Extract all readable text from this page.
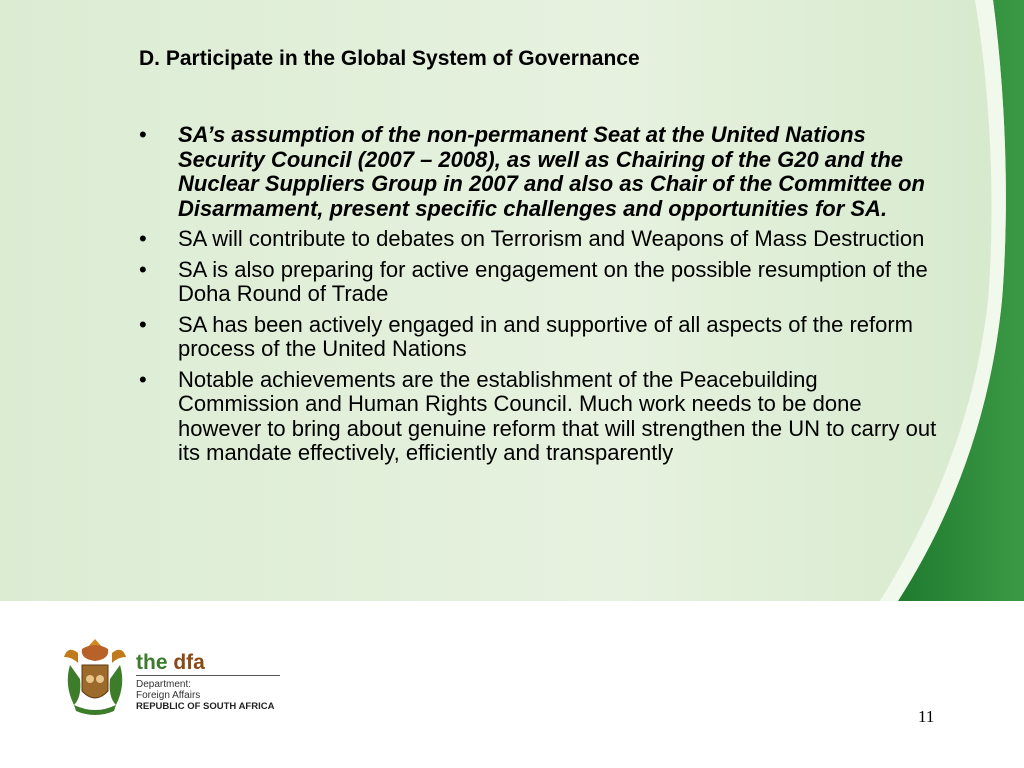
D. Participate in the Global System of Governance
• SA’s assumption of the non-permanent Seat at the United Nations Security Council (2007 – 2008), as well as Chairing of the G20 and the Nuclear Suppliers Group in 2007 and also as Chair of the Committee on Disarmament, present specific challenges and opportunities for SA.
• SA will contribute to debates on Terrorism and Weapons of Mass Destruction
• SA is also preparing for active engagement on the possible resumption of the Doha Round of Trade
• SA has been actively engaged in and supportive of all aspects of the reform process of the United Nations
• Notable achievements are the establishment of the Peacebuilding Commission and Human Rights Council. Much work needs to be done however to bring about genuine reform that will strengthen the UN to carry out its mandate effectively, efficiently and transparently
the dfa
Department:
Foreign Affairs
REPUBLIC OF SOUTH AFRICA
11
